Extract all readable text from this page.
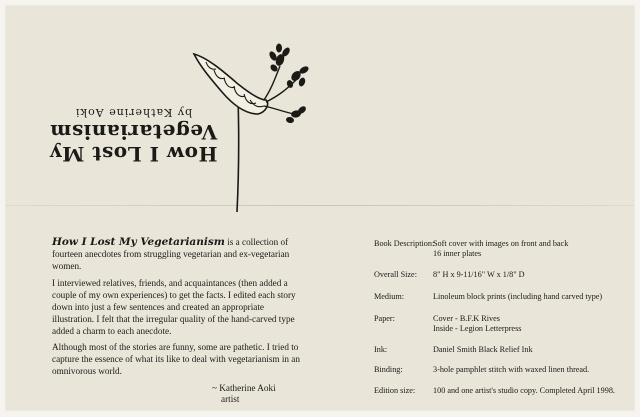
How I Lost My
Vegetarianism
by Katherine Aoki

How I Lost My Vegetarianism is a collection of fourteen anecdotes from struggling vegetarian and ex-vegetarian women.

I interviewed relatives, friends, and acquaintances (then added a couple of my own experiences) to get the facts. I edited each story down into just a few sentences and created an appropriate illustration. I felt that the irregular quality of the hand-carved type added a charm to each anecdote.

Although most of the stories are funny, some are pathetic. I tried to capture the essence of what its like to deal with vegetarianism in an omnivorous world.

~ Katherine Aoki
artist
Book Description:
Soft cover with images on front and back
16 inner plates
Overall Size:	8" H x 9-11/16" W x 1/8" D
Medium:	Linoleum block prints (including hand carved type)
Paper:	Cover - B.F.K Rives
Inside - Legion Letterpress
Ink:	Daniel Smith Black Relief Ink
Binding:	3-hole pamphlet stitch with waxed linen thread.
Edition size:	100 and one artist's studio copy. Completed April 1998.
